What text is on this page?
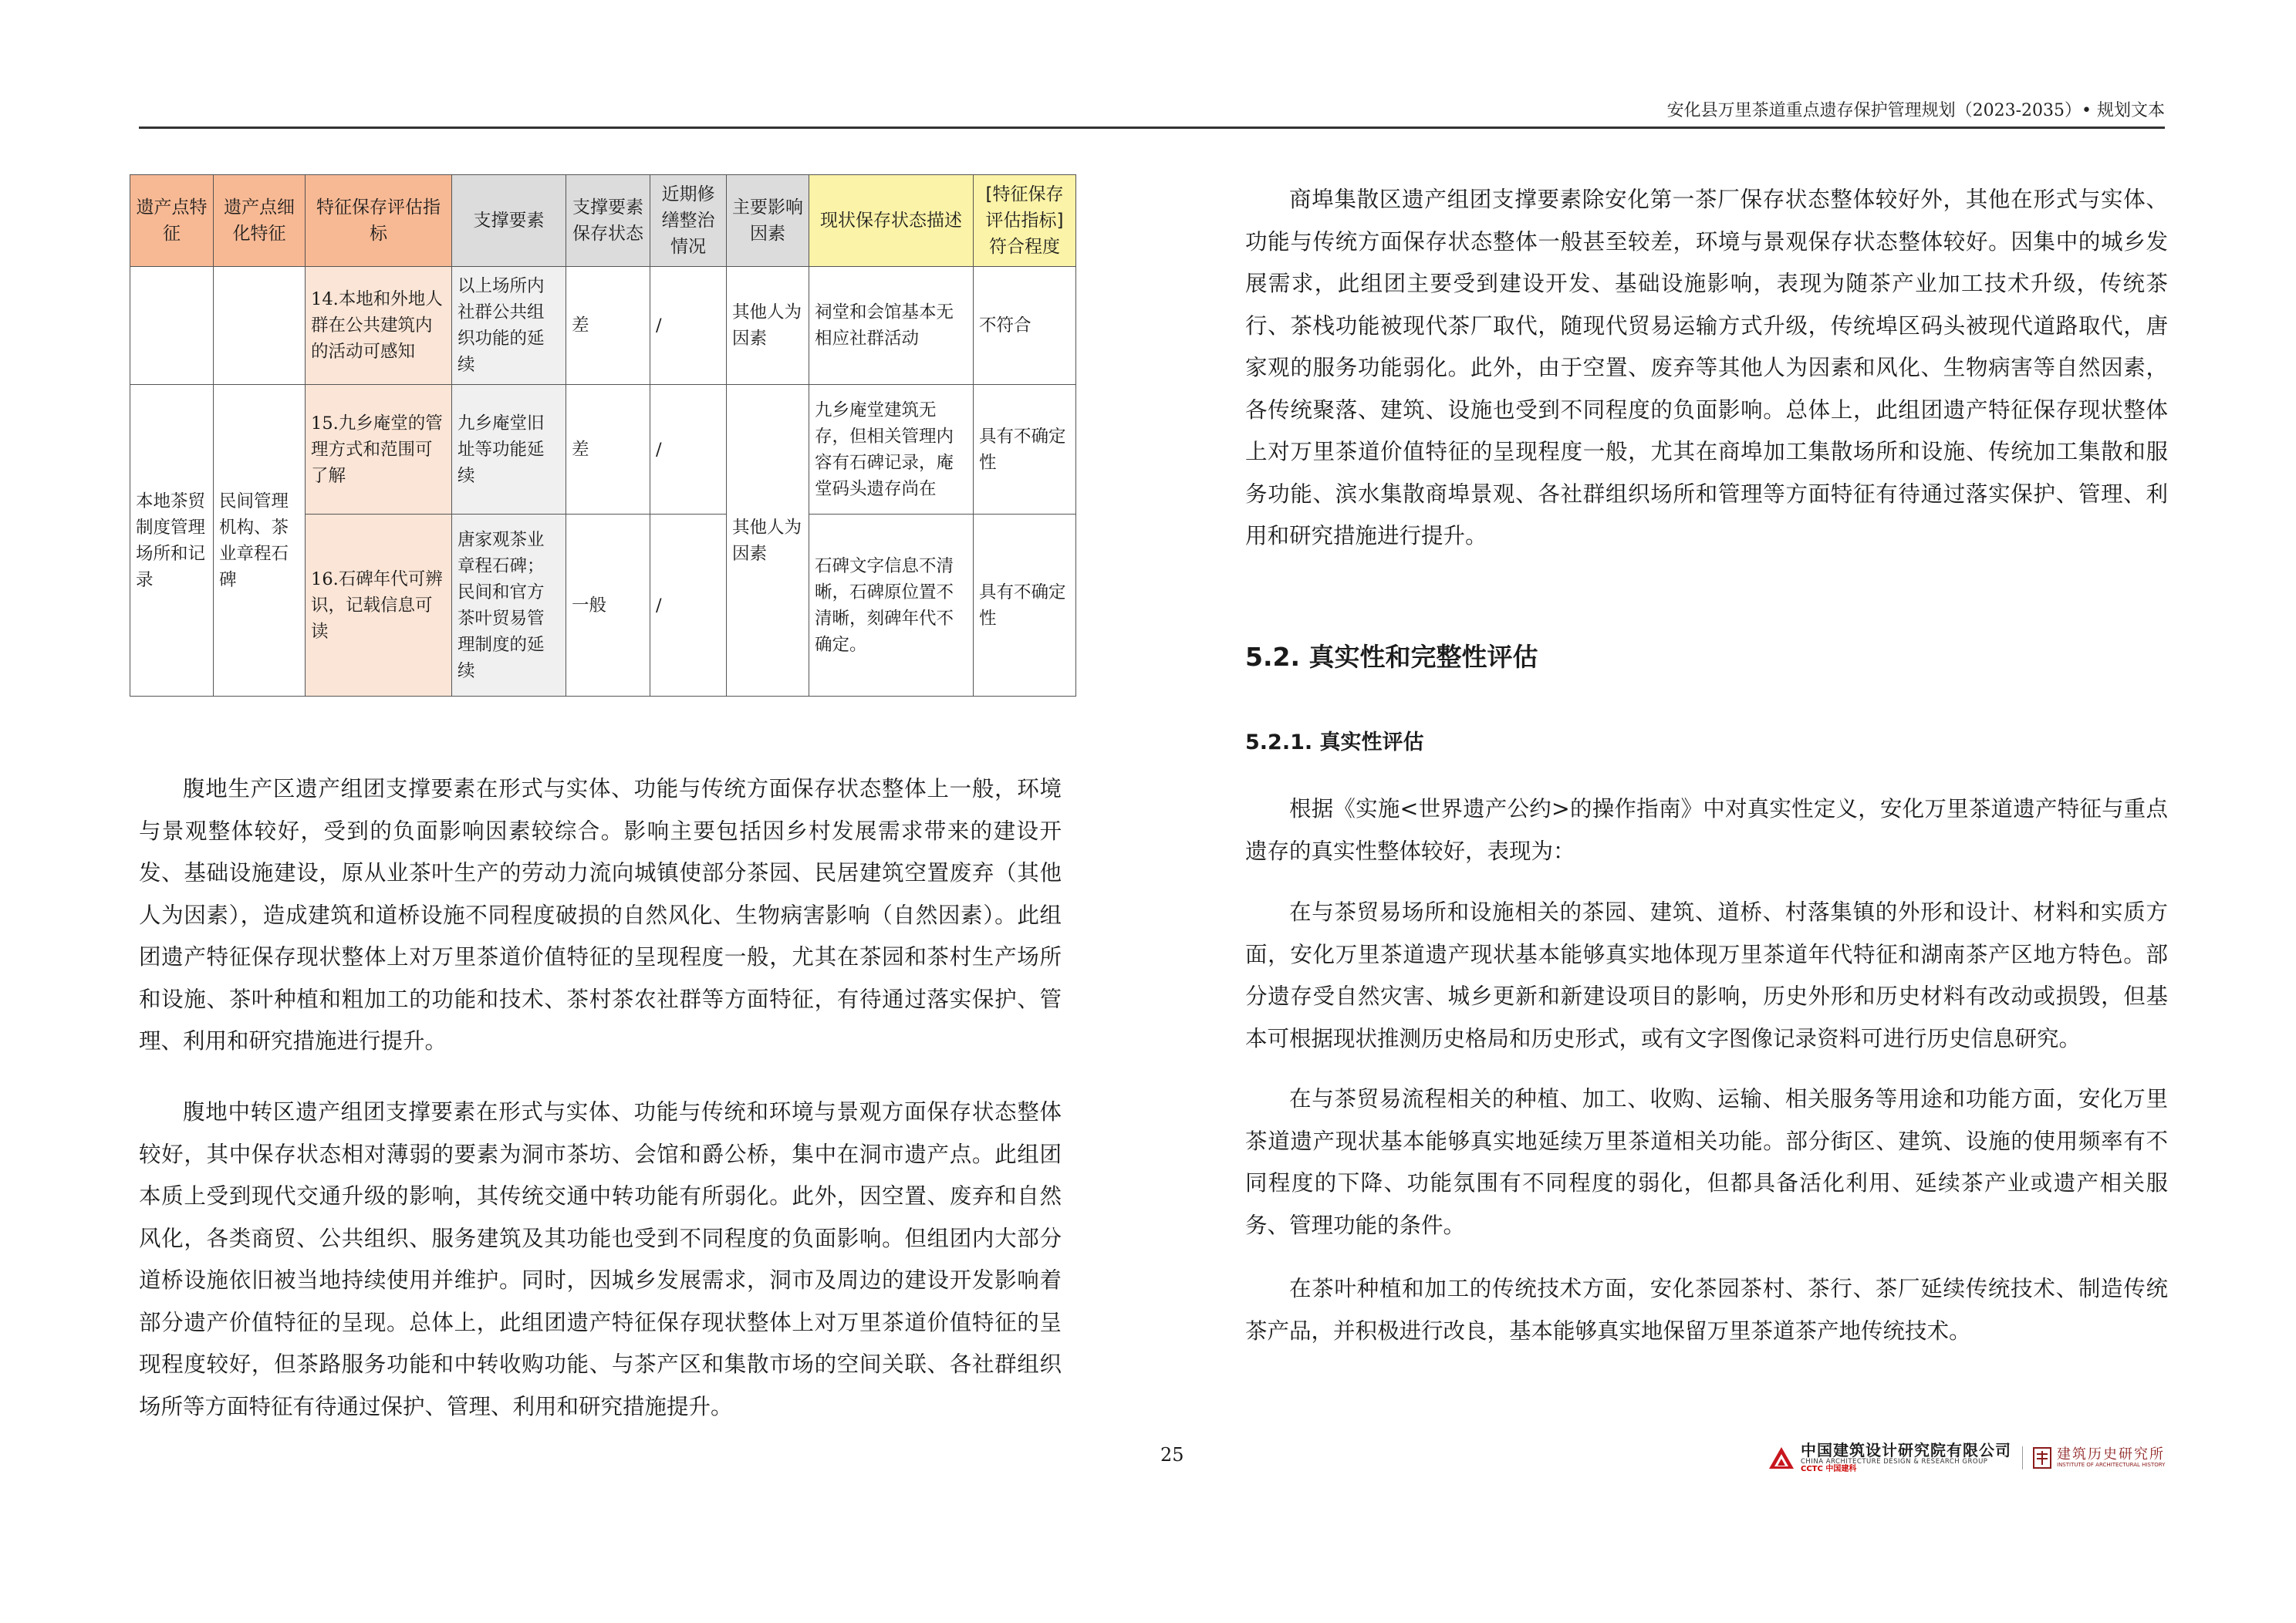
安化县万里茶道重点遗存保护管理规划（2023-2035）• 规划文本
遗产点特征	遗产点细化特征	特征保存评估指标	支撑要素	支撑要素保存状态	近期修缮整治情况	主要影响因素	现状保存状态描述	[特征保存评估指标]符合程度
		14.本地和外地人群在公共建筑内的活动可感知	以上场所内社群公共组织功能的延续	差	/	其他人为因素	祠堂和会馆基本无相应社群活动	不符合
本地茶贸制度管理场所和记录	民间管理机构、茶业章程石碑	15.九乡庵堂的管理方式和范围可了解	九乡庵堂旧址等功能延续	差	/	其他人为因素	九乡庵堂建筑无存，但相关管理内容有石碑记录，庵堂码头遗存尚在	具有不确定性
		16.石碑年代可辨识，记载信息可读	唐家观茶业章程石碑；民间和官方茶叶贸易管理制度的延续	一般	/		石碑文字信息不清晰，石碑原位置不清晰，刻碑年代不确定。	具有不确定性

腹地生产区遗产组团支撑要素在形式与实体、功能与传统方面保存状态整体上一般，环境与景观整体较好，受到的负面影响因素较综合。影响主要包括因乡村发展需求带来的建设开发、基础设施建设，原从业茶叶生产的劳动力流向城镇使部分茶园、民居建筑空置废弃（其他人为因素），造成建筑和道桥设施不同程度破损的自然风化、生物病害影响（自然因素）。此组团遗产特征保存现状整体上对万里茶道价值特征的呈现程度一般，尤其在茶园和茶村生产场所和设施、茶叶种植和粗加工的功能和技术、茶村茶农社群等方面特征，有待通过落实保护、管理、利用和研究措施进行提升。

腹地中转区遗产组团支撑要素在形式与实体、功能与传统和环境与景观方面保存状态整体较好，其中保存状态相对薄弱的要素为洞市茶坊、会馆和爵公桥，集中在洞市遗产点。此组团本质上受到现代交通升级的影响，其传统交通中转功能有所弱化。此外，因空置、废弃和自然风化，各类商贸、公共组织、服务建筑及其功能也受到不同程度的负面影响。但组团内大部分道桥设施依旧被当地持续使用并维护。同时，因城乡发展需求，洞市及周边的建设开发影响着部分遗产价值特征的呈现。总体上，此组团遗产特征保存现状整体上对万里茶道价值特征的呈现程度较好，但茶路服务功能和中转收购功能、与茶产区和集散市场的空间关联、各社群组织场所等方面特征有待通过保护、管理、利用和研究措施提升。

商埠集散区遗产组团支撑要素除安化第一茶厂保存状态整体较好外，其他在形式与实体、功能与传统方面保存状态整体一般甚至较差，环境与景观保存状态整体较好。因集中的城乡发展需求，此组团主要受到建设开发、基础设施影响，表现为随茶产业加工技术升级，传统茶行、茶栈功能被现代茶厂取代，随现代贸易运输方式升级，传统埠区码头被现代道路取代，唐家观的服务功能弱化。此外，由于空置、废弃等其他人为因素和风化、生物病害等自然因素，各传统聚落、建筑、设施也受到不同程度的负面影响。总体上，此组团遗产特征保存现状整体上对万里茶道价值特征的呈现程度一般，尤其在商埠加工集散场所和设施、传统加工集散和服务功能、滨水集散商埠景观、各社群组织场所和管理等方面特征有待通过落实保护、管理、利用和研究措施进行提升。

5.2. 真实性和完整性评估
5.2.1. 真实性评估

根据《实施<世界遗产公约>的操作指南》中对真实性定义，安化万里茶道遗产特征与重点遗存的真实性整体较好，表现为：

在与茶贸易场所和设施相关的茶园、建筑、道桥、村落集镇的外形和设计、材料和实质方面，安化万里茶道遗产现状基本能够真实地体现万里茶道年代特征和湖南茶产区地方特色。部分遗存受自然灾害、城乡更新和新建设项目的影响，历史外形和历史材料有改动或损毁，但基本可根据现状推测历史格局和历史形式，或有文字图像记录资料可进行历史信息研究。

在与茶贸易流程相关的种植、加工、收购、运输、相关服务等用途和功能方面，安化万里茶道遗产现状基本能够真实地延续万里茶道相关功能。部分街区、建筑、设施的使用频率有不同程度的下降、功能氛围有不同程度的弱化，但都具备活化利用、延续茶产业或遗产相关服务、管理功能的条件。

在茶叶种植和加工的传统技术方面，安化茶园茶村、茶行、茶厂延续传统技术、制造传统茶产品，并积极进行改良，基本能够真实地保留万里茶道茶产地传统技术。

25	中国建筑设计研究院有限公司
CHINA ARCHITECTURE DESIGN & RESEARCH GROUP
CCTC 中国建科
建筑历史研究所
INSTITUTE OF ARCHITECTURAL HISTORY
